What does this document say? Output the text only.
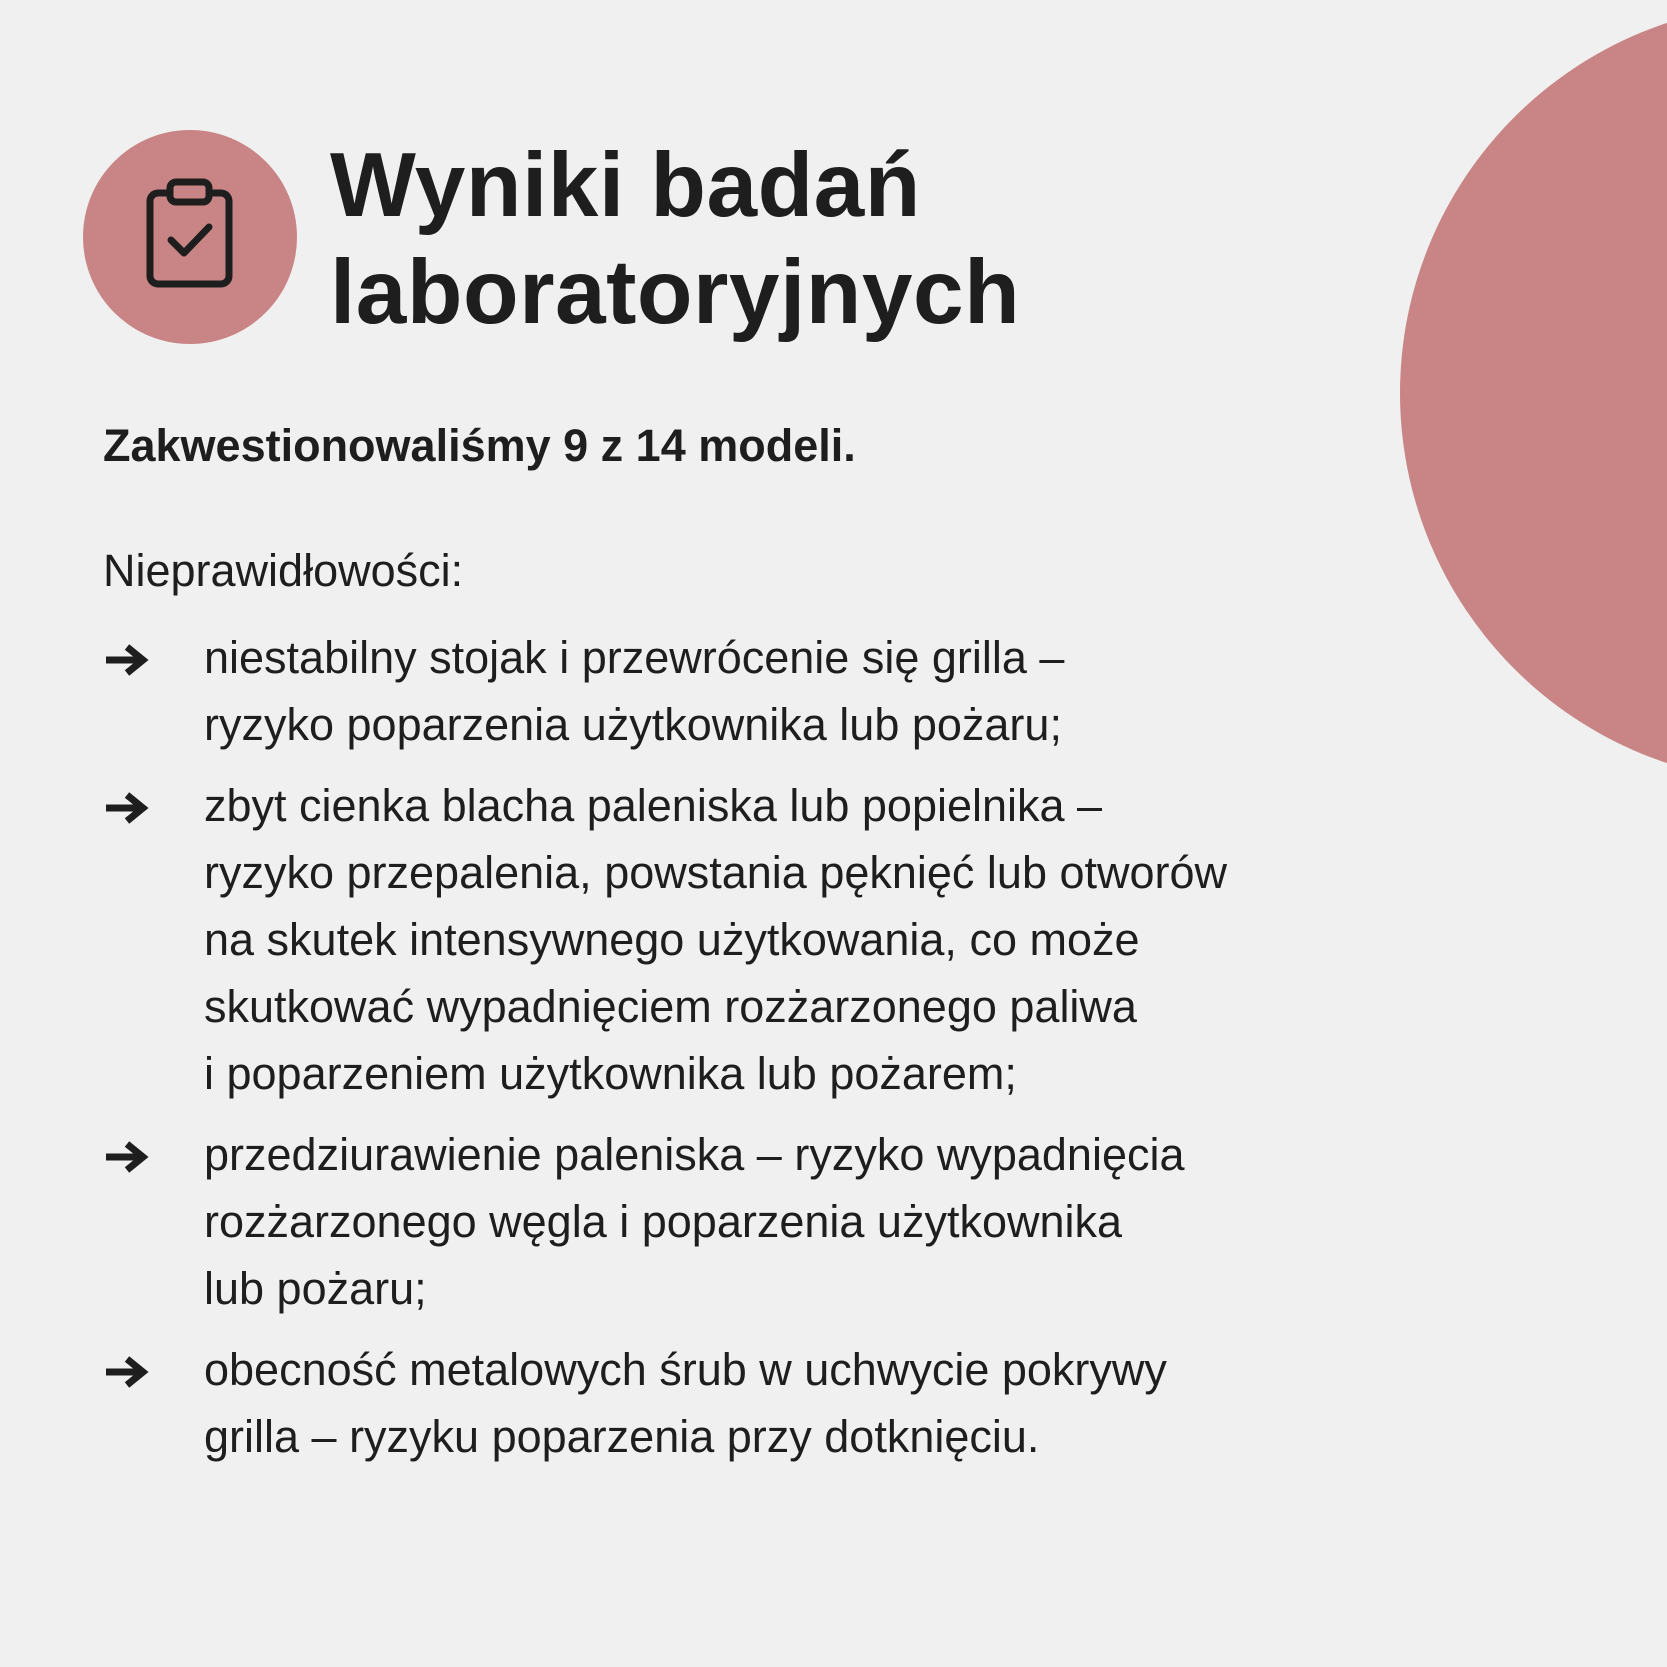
Wyniki badań
laboratoryjnych

Zakwestionowaliśmy 9 z 14 modeli.

Nieprawidłowości:

niestabilny stojak i przewrócenie się grilla –
ryzyko poparzenia użytkownika lub pożaru;
zbyt cienka blacha paleniska lub popielnika –
ryzyko przepalenia, powstania pęknięć lub otworów
na skutek intensywnego użytkowania, co może
skutkować wypadnięciem rozżarzonego paliwa
i poparzeniem użytkownika lub pożarem;
przedziurawienie paleniska – ryzyko wypadnięcia
rozżarzonego węgla i poparzenia użytkownika
lub pożaru;
obecność metalowych śrub w uchwycie pokrywy
grilla – ryzyku poparzenia przy dotknięciu.
